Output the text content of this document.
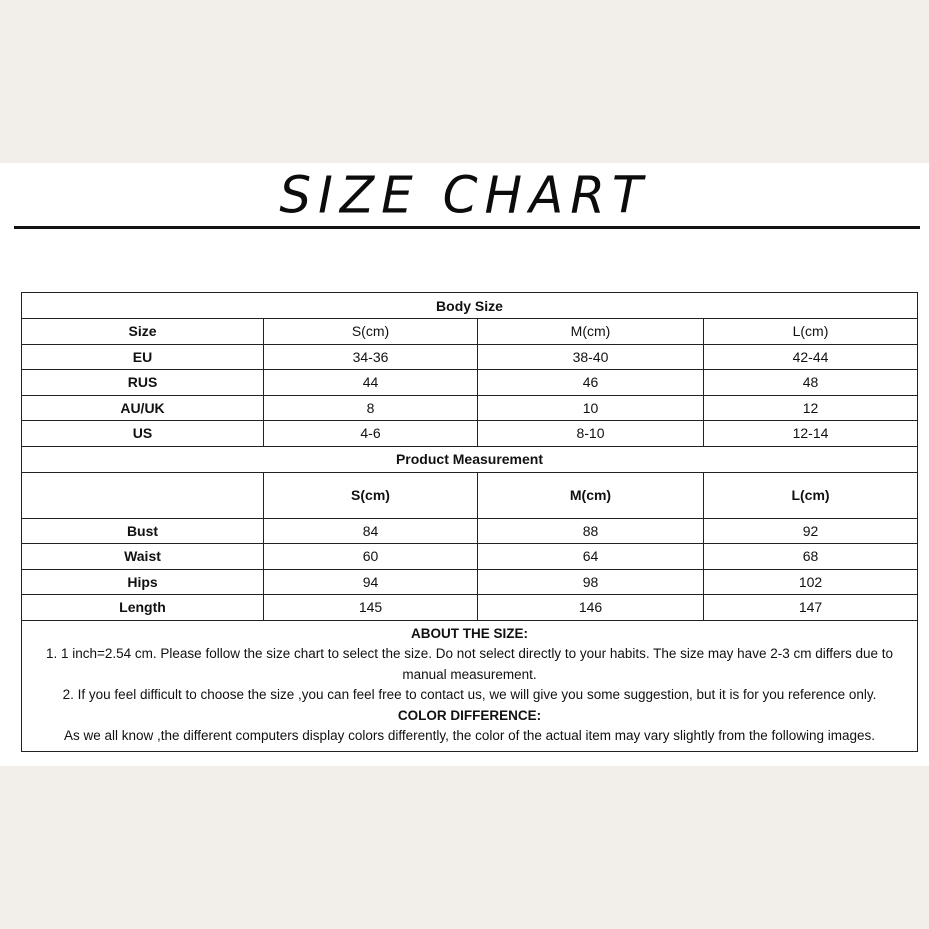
SIZE CHART
Body Size			
Size	S(cm)	M(cm)	L(cm)
EU	34-36	38-40	42-44
RUS	44	46	48
AU/UK	8	10	12
US	4-6	8-10	12-14
Product Measurement			
	S(cm)	M(cm)	L(cm)
Bust	84	88	92
Waist	60	64	68
Hips	94	98	102
Length	145	146	147

ABOUT THE SIZE:
1. 1 inch=2.54 cm. Please follow the size chart to select the size. Do not select directly to your habits. The size may have 2-3 cm differs due to manual measurement.
2. If you feel difficult to choose the size ,you can feel free to contact us, we will give you some suggestion, but it is for you reference only.
COLOR DIFFERENCE:
As we all know ,the different computers display colors differently, the color of the actual item may vary slightly from the following images.			
